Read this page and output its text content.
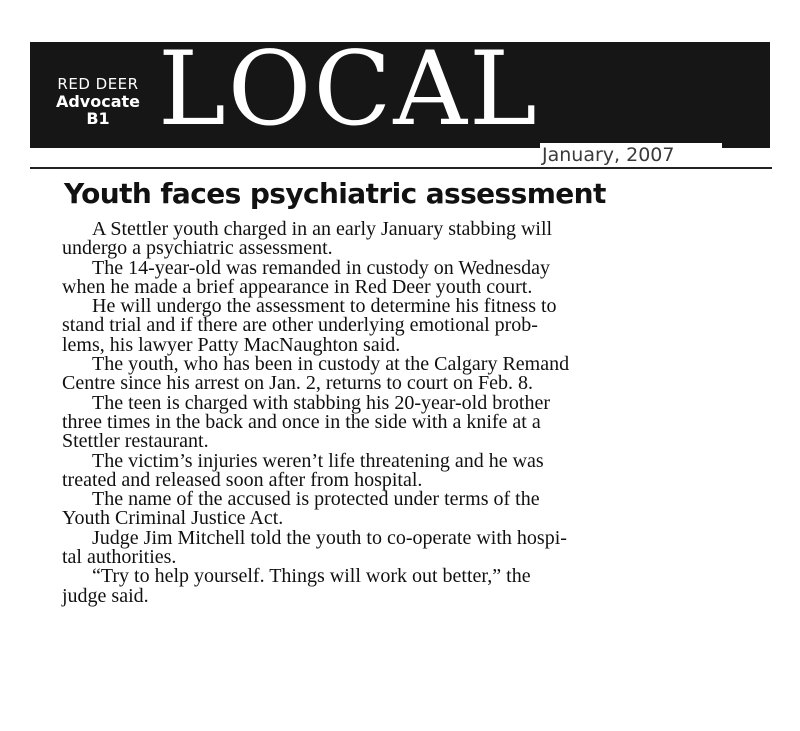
RED DEER
Advocate
B1 LOCAL
January, 2007
Youth faces psychiatric assessment
A Stettler youth charged in an early January stabbing will
undergo a psychiatric assessment.
The 14-year-old was remanded in custody on Wednesday
when he made a brief appearance in Red Deer youth court.
He will undergo the assessment to determine his fitness to
stand trial and if there are other underlying emotional prob-
lems, his lawyer Patty MacNaughton said.
The youth, who has been in custody at the Calgary Remand
Centre since his arrest on Jan. 2, returns to court on Feb. 8.
The teen is charged with stabbing his 20-year-old brother
three times in the back and once in the side with a knife at a
Stettler restaurant.
The victim’s injuries weren’t life threatening and he was
treated and released soon after from hospital.
The name of the accused is protected under terms of the
Youth Criminal Justice Act.
Judge Jim Mitchell told the youth to co-operate with hospi-
tal authorities.
“Try to help yourself. Things will work out better,” the
judge said.
